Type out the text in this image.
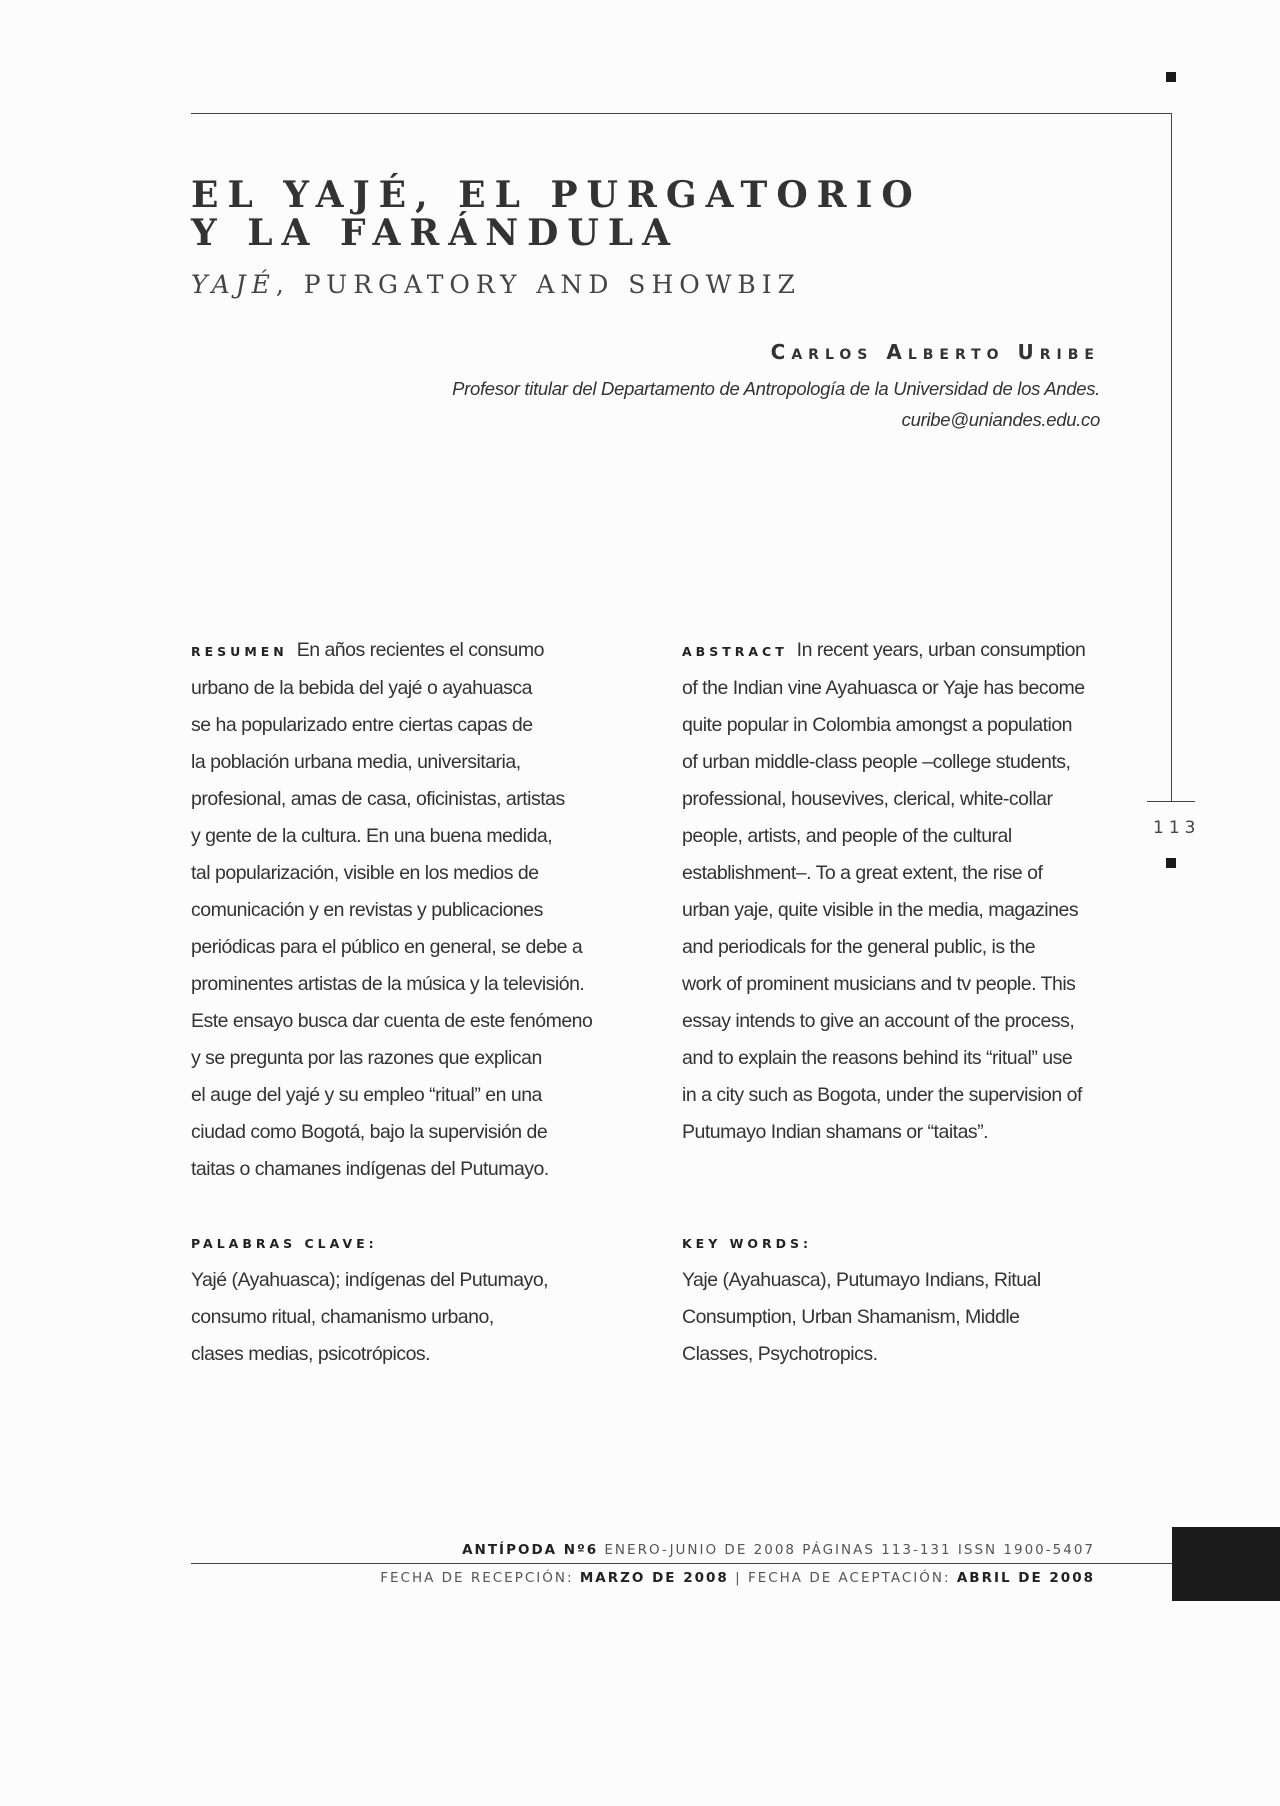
113
EL YAJÉ, EL PURGATORIO
Y LA FARÁNDULA
YAJÉ, PURGATORY AND SHOWBIZ
Carlos Alberto Uribe
Profesor titular del Departamento de Antropología de la Universidad de los Andes.
curibe@uniandes.edu.co
RESUMEN En años recientes el consumo
urbano de la bebida del yajé o ayahuasca
se ha popularizado entre ciertas capas de
la población urbana media, universitaria,
profesional, amas de casa, oficinistas, artistas
y gente de la cultura. En una buena medida,
tal popularización, visible en los medios de
comunicación y en revistas y publicaciones
periódicas para el público en general, se debe a
prominentes artistas de la música y la televisión.
Este ensayo busca dar cuenta de este fenómeno
y se pregunta por las razones que explican
el auge del yajé y su empleo “ritual” en una
ciudad como Bogotá, bajo la supervisión de
taitas o chamanes indígenas del Putumayo.
ABSTRACT In recent years, urban consumption
of the Indian vine Ayahuasca or Yaje has become
quite popular in Colombia amongst a population
of urban middle-class people –college students,
professional, housevives, clerical, white-collar
people, artists, and people of the cultural
establishment–. To a great extent, the rise of
urban yaje, quite visible in the media, magazines
and periodicals for the general public, is the
work of prominent musicians and tv people. This
essay intends to give an account of the process,
and to explain the reasons behind its “ritual” use
in a city such as Bogota, under the supervision of
Putumayo Indian shamans or “taitas”.
PALABRAS CLAVE:
Yajé (Ayahuasca); indígenas del Putumayo,
consumo ritual, chamanismo urbano,
clases medias, psicotrópicos.
KEY WORDS:
Yaje (Ayahuasca), Putumayo Indians, Ritual
Consumption, Urban Shamanism, Middle
Classes, Psychotropics.
ANTÍPODA Nº6 ENERO-JUNIO DE 2008 PÁGINAS 113-131 ISSN 1900-5407
FECHA DE RECEPCIÓN: MARZO DE 2008 | FECHA DE ACEPTACIÓN: ABRIL DE 2008
